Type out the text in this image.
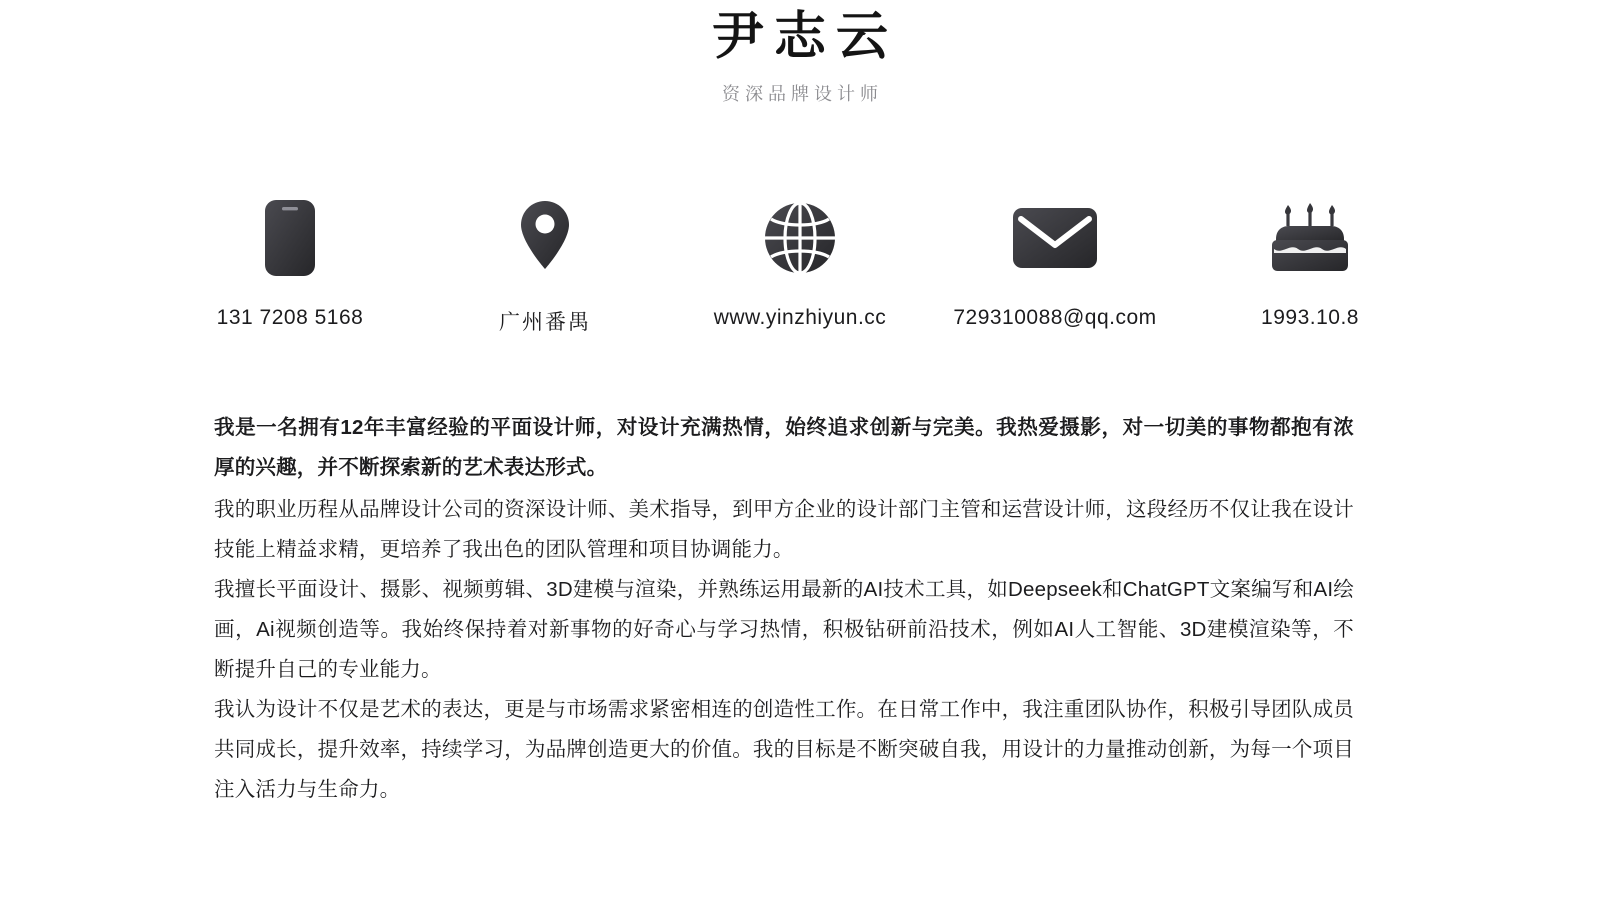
尹志云
资深品牌设计师
131 7208 5168	广州番禺	www.yinzhiyun.cc	729310088@qq.com	1993.10.8

我是一名拥有12年丰富经验的平面设计师，对设计充满热情，始终追求创新与完美。我热爱摄影，对一切美的事物都抱有浓厚的兴趣，并不断探索新的艺术表达形式。

我的职业历程从品牌设计公司的资深设计师、美术指导，到甲方企业的设计部门主管和运营设计师，这段经历不仅让我在设计技能上精益求精，更培养了我出色的团队管理和项目协调能力。

我擅长平面设计、摄影、视频剪辑、3D建模与渲染，并熟练运用最新的AI技术工具，如Deepseek和ChatGPT文案编写和AI绘画，Ai视频创造等。我始终保持着对新事物的好奇心与学习热情，积极钻研前沿技术，例如AI人工智能、3D建模渲染等，不断提升自己的专业能力。

我认为设计不仅是艺术的表达，更是与市场需求紧密相连的创造性工作。在日常工作中，我注重团队协作，积极引导团队成员共同成长，提升效率，持续学习，为品牌创造更大的价值。我的目标是不断突破自我，用设计的力量推动创新，为每一个项目注入活力与生命力。
